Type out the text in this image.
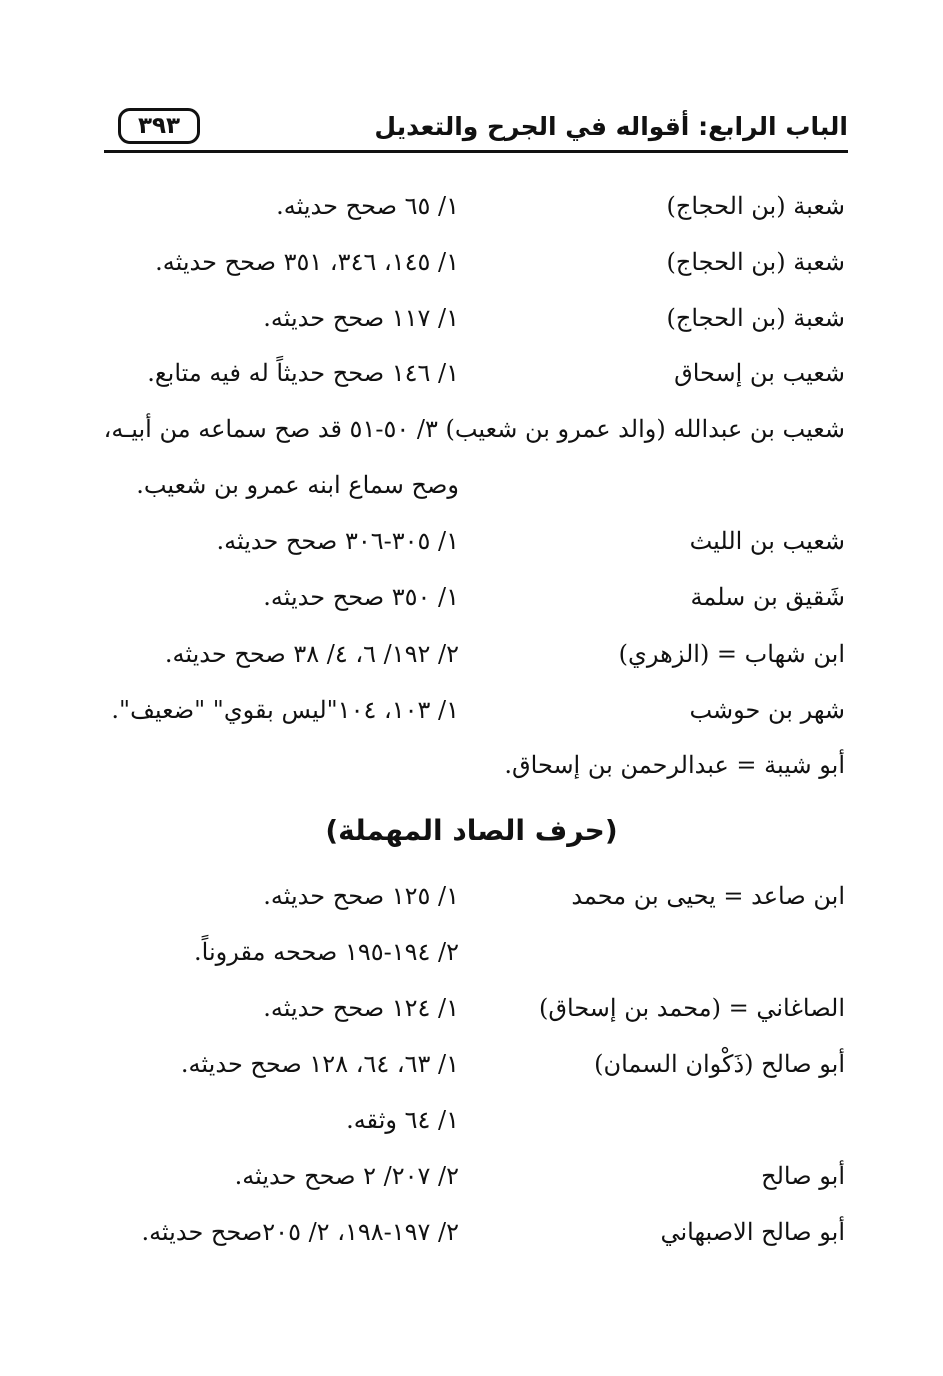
الباب الرابع: أقواله في الجرح والتعديل
٣٩٣
شعبة (بن الحجاج)
١/ ٦٥ صحح حديثه.
شعبة (بن الحجاج)
١/ ١٤٥، ٣٤٦، ٣٥١ صحح حديثه.
شعبة (بن الحجاج)
١/ ١١٧ صحح حديثه.
شعيب بن إسحاق
١/ ١٤٦ صحح حديثاً له فيه متابع.
شعيب بن عبدالله (والد عمرو بن شعيب) ٣/ ٥٠-٥١ قد صح سماعه من أبيـه،
وصح سماع ابنه عمرو بن شعيب.
شعيب بن الليث
١/ ٣٠٥-٣٠٦ صحح حديثه.
شَقيق بن سلمة
١/ ٣٥٠ صحح حديثه.
ابن شهاب = (الزهري)
٢/ ١٩٢/ ٦، ٤/ ٣٨ صحح حديثه.
شهر بن حوشب
١/ ١٠٣، ١٠٤"ليس بقوي" "ضعيف".
أبو شيبة = عبدالرحمن بن إسحاق.
(حرف الصاد المهملة)
ابن صاعد = يحيى بن محمد
١/ ١٢٥ صحح حديثه.
٢/ ١٩٤-١٩٥ صححه مقروناً.
الصاغاني = (محمد بن إسحاق)
١/ ١٢٤ صحح حديثه.
أبو صالح (ذَكْوان السمان)
١/ ٦٣، ٦٤، ١٢٨ صحح حديثه.
١/ ٦٤ وثقه.
أبو صالح
٢/ ٢٠٧/ ٢ صحح حديثه.
أبو صالح الاصبهاني
٢/ ١٩٧-١٩٨، ٢/ ٢٠٥صحح حديثه.
